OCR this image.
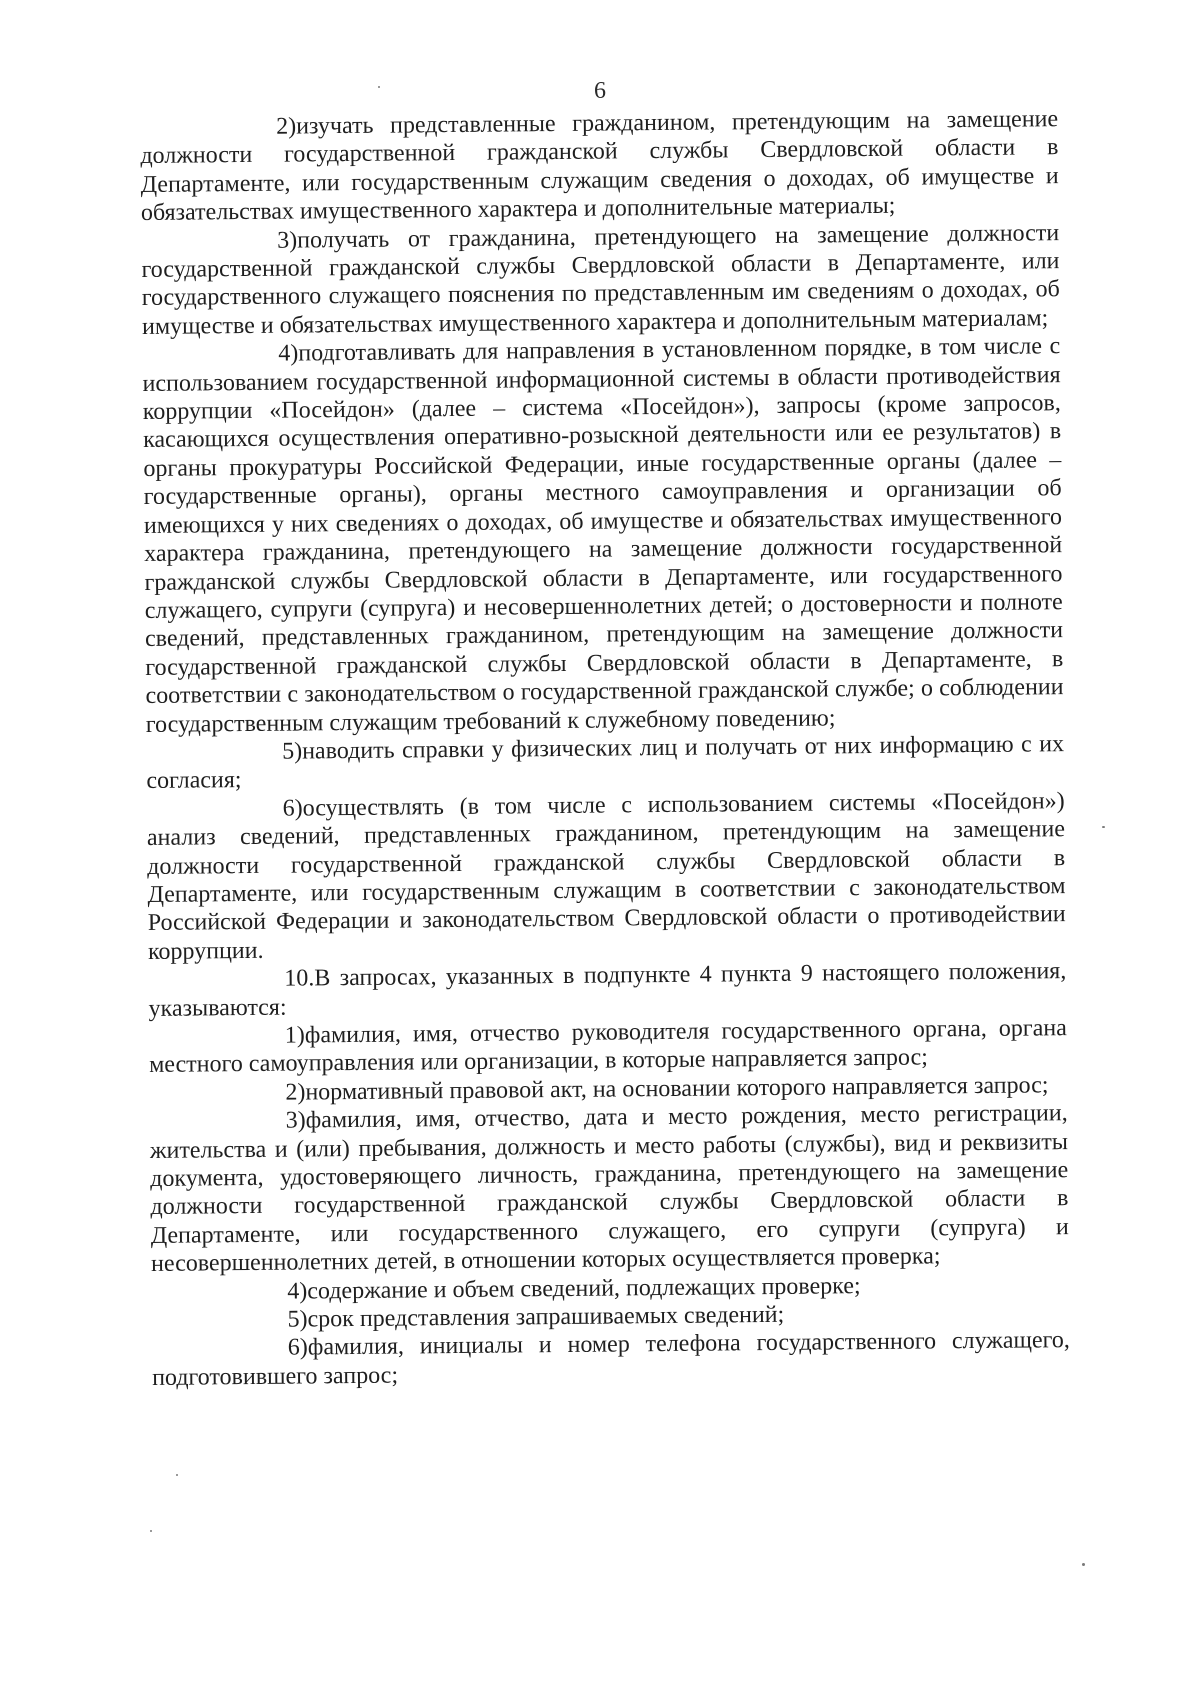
6

2)изучать представленные гражданином, претендующим на замещение должности государственной гражданской службы Свердловской области в Департаменте, или государственным служащим сведения о доходах, об имуществе и обязательствах имущественного характера и дополнительные материалы;

3)получать от гражданина, претендующего на замещение должности государственной гражданской службы Свердловской области в Департаменте, или государственного служащего пояснения по представленным им сведениям о доходах, об имуществе и обязательствах имущественного характера и дополнительным материалам;

4)подготавливать для направления в установленном порядке, в том числе с использованием государственной информационной системы в области противодействия коррупции «Посейдон» (далее – система «Посейдон»), запросы (кроме запросов, касающихся осуществления оперативно-розыскной деятельности или ее результатов) в органы прокуратуры Российской Федерации, иные государственные органы (далее – государственные органы), органы местного самоуправления и организации об имеющихся у них сведениях о доходах, об имуществе и обязательствах имущественного характера гражданина, претендующего на замещение должности государственной гражданской службы Свердловской области в Департаменте, или государственного служащего, супруги (супруга) и несовершеннолетних детей; о достоверности и полноте сведений, представленных гражданином, претендующим на замещение должности государственной гражданской службы Свердловской области в Департаменте, в соответствии с законодательством о государственной гражданской службе; о соблюдении государственным служащим требований к служебному поведению;

5)наводить справки у физических лиц и получать от них информацию с их согласия;

6)осуществлять (в том числе с использованием системы «Посейдон») анализ сведений, представленных гражданином, претендующим на замещение должности государственной гражданской службы Свердловской области в Департаменте, или государственным служащим в соответствии с законодательством Российской Федерации и законодательством Свердловской области о противодействии коррупции.

10.В запросах, указанных в подпункте 4 пункта 9 настоящего положения, указываются:

1)фамилия, имя, отчество руководителя государственного органа, органа местного самоуправления или организации, в которые направляется запрос;

2)нормативный правовой акт, на основании которого направляется запрос;

3)фамилия, имя, отчество, дата и место рождения, место регистрации, жительства и (или) пребывания, должность и место работы (службы), вид и реквизиты документа, удостоверяющего личность, гражданина, претендующего на замещение должности государственной гражданской службы Свердловской области в Департаменте, или государственного служащего, его супруги (супруга) и несовершеннолетних детей, в отношении которых осуществляется проверка;

4)содержание и объем сведений, подлежащих проверке;

5)срок представления запрашиваемых сведений;

6)фамилия, инициалы и номер телефона государственного служащего, подготовившего запрос;
